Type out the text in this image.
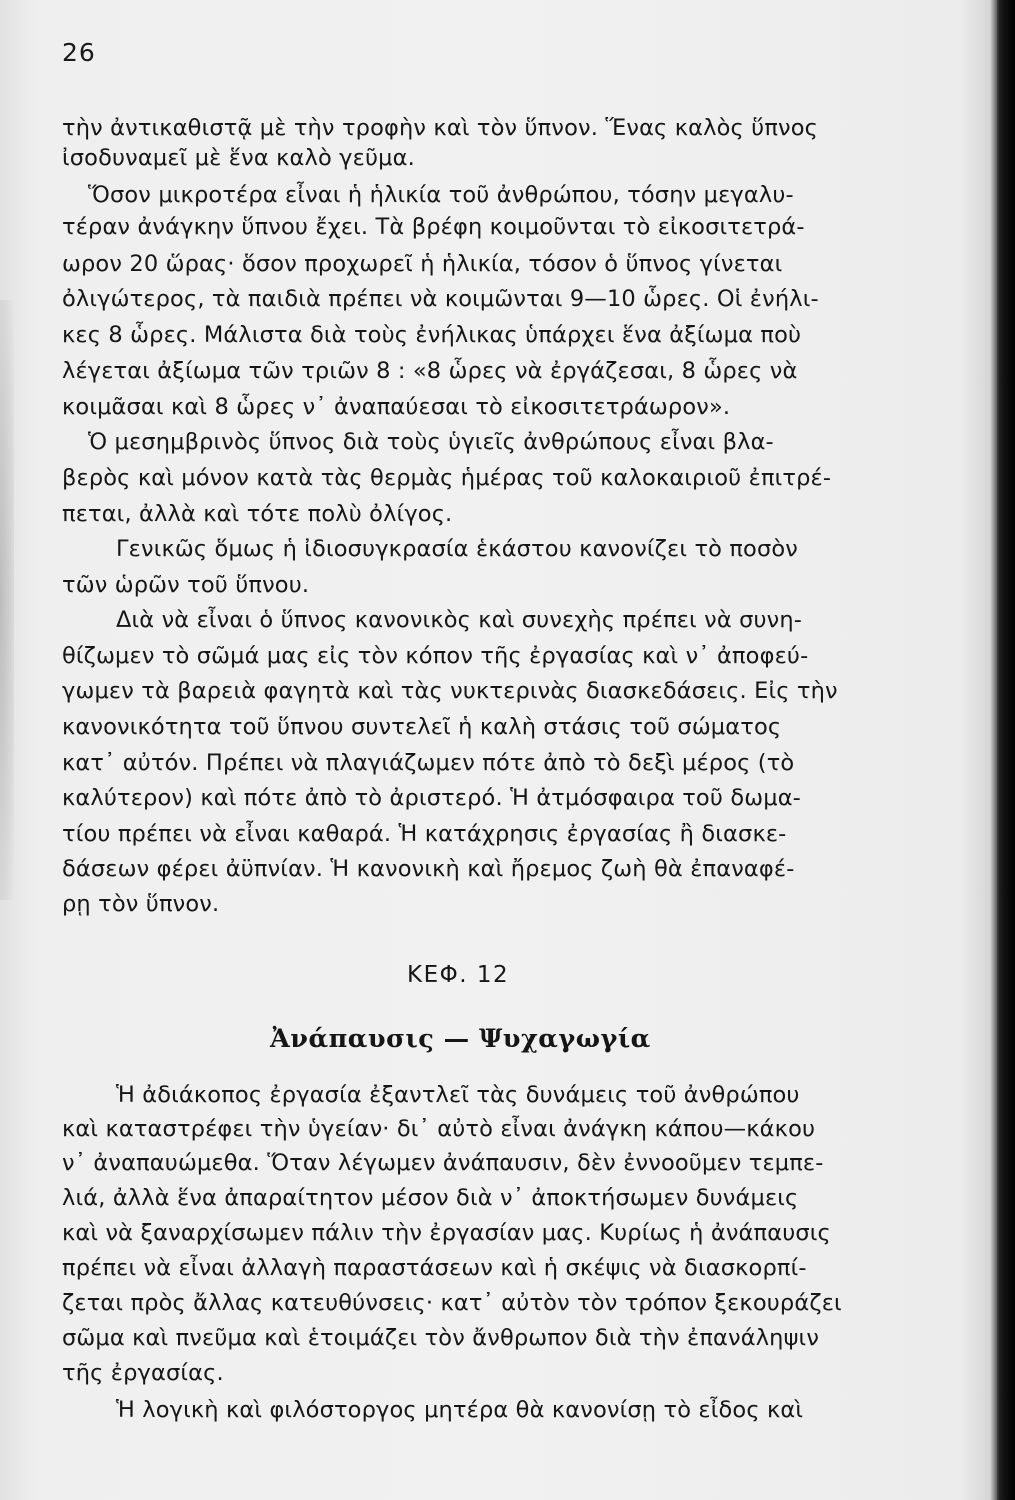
26
τὴν ἀντικαθιστᾷ μὲ τὴν τροφὴν καὶ τὸν ὕπνον. Ἕνας καλὸς ὕπνος
ἰσοδυναμεῖ μὲ ἕνα καλὸ γεῦμα.
Ὅσον μικροτέρα εἶναι ἡ ἡλικία τοῦ ἀνθρώπου, τόσην μεγαλυ-
τέραν ἀνάγκην ὕπνου ἔχει. Τὰ βρέφη κοιμοῦνται τὸ εἰκοσιτετρά-
ωρον 20 ὥρας· ὅσον προχωρεῖ ἡ ἡλικία, τόσον ὁ ὕπνος γίνεται
ὀλιγώτερος, τὰ παιδιὰ πρέπει νὰ κοιμῶνται 9—10 ὧρες. Οἱ ἐνήλι-
κες 8 ὧρες. Μάλιστα διὰ τοὺς ἐνήλικας ὑπάρχει ἕνα ἀξίωμα ποὺ
λέγεται ἀξίωμα τῶν τριῶν 8 : «8 ὧρες νὰ ἐργάζεσαι, 8 ὧρες νὰ
κοιμᾶσαι καὶ 8 ὧρες ν᾽ ἀναπαύεσαι τὸ εἰκοσιτετράωρον».
Ὁ μεσημβρινὸς ὕπνος διὰ τοὺς ὑγιεῖς ἀνθρώπους εἶναι βλα-
βερὸς καὶ μόνον κατὰ τὰς θερμὰς ἡμέρας τοῦ καλοκαιριοῦ ἐπιτρέ-
πεται, ἀλλὰ καὶ τότε πολὺ ὀλίγος.
Γενικῶς ὅμως ἡ ἰδιοσυγκρασία ἑκάστου κανονίζει τὸ ποσὸν
τῶν ὡρῶν τοῦ ὕπνου.
Διὰ νὰ εἶναι ὁ ὕπνος κανονικὸς καὶ συνεχὴς πρέπει νὰ συνη-
θίζωμεν τὸ σῶμά μας εἰς τὸν κόπον τῆς ἐργασίας καὶ ν᾽ ἀποφεύ-
γωμεν τὰ βαρειὰ φαγητὰ καὶ τὰς νυκτερινὰς διασκεδάσεις. Εἰς τὴν
κανονικότητα τοῦ ὕπνου συντελεῖ ἡ καλὴ στάσις τοῦ σώματος
κατ᾽ αὐτόν. Πρέπει νὰ πλαγιάζωμεν πότε ἀπὸ τὸ δεξὶ μέρος (τὸ
καλύτερον) καὶ πότε ἀπὸ τὸ ἀριστερό. Ἡ ἀτμόσφαιρα τοῦ δωμα-
τίου πρέπει νὰ εἶναι καθαρά. Ἡ κατάχρησις ἐργασίας ἢ διασκε-
δάσεων φέρει ἀϋπνίαν. Ἡ κανονικὴ καὶ ἤρεμος ζωὴ θὰ ἐπαναφέ-
ρῃ τὸν ὕπνον.
ΚΕΦ. 12
Ἀνάπαυσις — Ψυχαγωγία
Ἡ ἀδιάκοπος ἐργασία ἐξαντλεῖ τὰς δυνάμεις τοῦ ἀνθρώπου
καὶ καταστρέφει τὴν ὑγείαν· δι᾽ αὐτὸ εἶναι ἀνάγκη κάπου—κάκου
ν᾽ ἀναπαυώμεθα. Ὅταν λέγωμεν ἀνάπαυσιν, δὲν ἐννοοῦμεν τεμπε-
λιά, ἀλλὰ ἕνα ἀπαραίτητον μέσον διὰ ν᾽ ἀποκτήσωμεν δυνάμεις
καὶ νὰ ξαναρχίσωμεν πάλιν τὴν ἐργασίαν μας. Κυρίως ἡ ἀνάπαυσις
πρέπει νὰ εἶναι ἀλλαγὴ παραστάσεων καὶ ἡ σκέψις νὰ διασκορπί-
ζεται πρὸς ἄλλας κατευθύνσεις· κατ᾽ αὐτὸν τὸν τρόπον ξεκουράζει
σῶμα καὶ πνεῦμα καὶ ἑτοιμάζει τὸν ἄνθρωπον διὰ τὴν ἐπανάληψιν
τῆς ἐργασίας.
Ἡ λογικὴ καὶ φιλόστοργος μητέρα θὰ κανονίσῃ τὸ εἶδος καὶ
